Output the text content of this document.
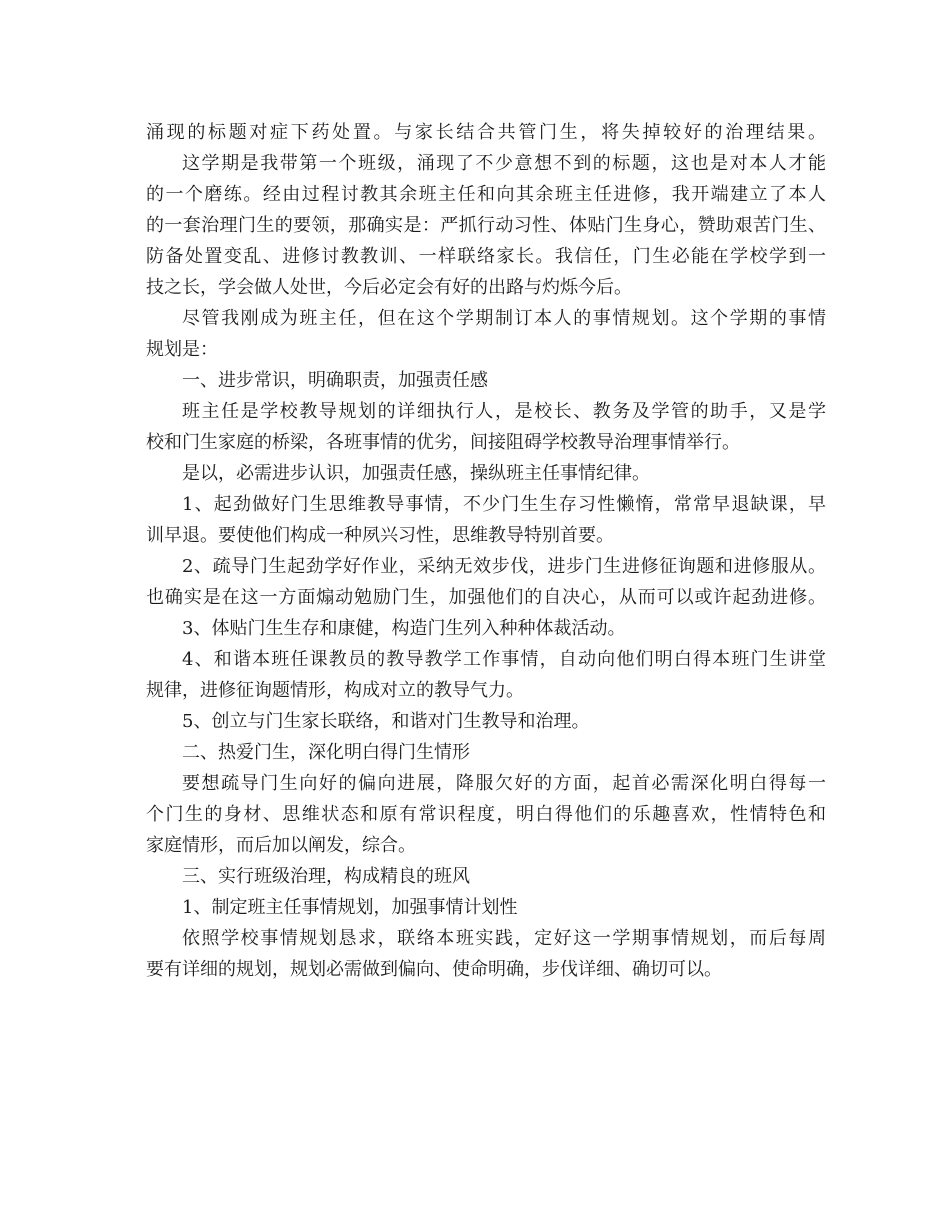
涌现的标题对症下药处置。与家长结合共管门生，将失掉较好的治理结果。
这学期是我带第一个班级，涌现了不少意想不到的标题，这也是对本人才能
的一个磨练。经由过程讨教其余班主任和向其余班主任进修，我开端建立了本人
的一套治理门生的要领，那确实是：严抓行动习性、体贴门生身心，赞助艰苦门生、
防备处置变乱、进修讨教教训、一样联络家长。我信任，门生必能在学校学到一
技之长，学会做人处世，今后必定会有好的出路与灼烁今后。
尽管我刚成为班主任，但在这个学期制订本人的事情规划。这个学期的事情
规划是：
一、进步常识，明确职责，加强责任感
班主任是学校教导规划的详细执行人，是校长、教务及学管的助手，又是学
校和门生家庭的桥梁，各班事情的优劣，间接阻碍学校教导治理事情举行。
是以，必需进步认识，加强责任感，操纵班主任事情纪律。
1、起劲做好门生思维教导事情，不少门生生存习性懒惰，常常早退缺课，早
训早退。要使他们构成一种夙兴习性，思维教导特别首要。
2、疏导门生起劲学好作业，采纳无效步伐，进步门生进修征询题和进修服从。
也确实是在这一方面煽动勉励门生，加强他们的自决心，从而可以或许起劲进修。
3、体贴门生生存和康健，构造门生列入种种体裁活动。
4、和谐本班任课教员的教导教学工作事情，自动向他们明白得本班门生讲堂
规律，进修征询题情形，构成对立的教导气力。
5、创立与门生家长联络，和谐对门生教导和治理。
二、热爱门生，深化明白得门生情形
要想疏导门生向好的偏向进展，降服欠好的方面，起首必需深化明白得每一
个门生的身材、思维状态和原有常识程度，明白得他们的乐趣喜欢，性情特色和
家庭情形，而后加以阐发，综合。
三、实行班级治理，构成精良的班风
1、制定班主任事情规划，加强事情计划性
依照学校事情规划恳求，联络本班实践，定好这一学期事情规划，而后每周
要有详细的规划，规划必需做到偏向、使命明确，步伐详细、确切可以。
